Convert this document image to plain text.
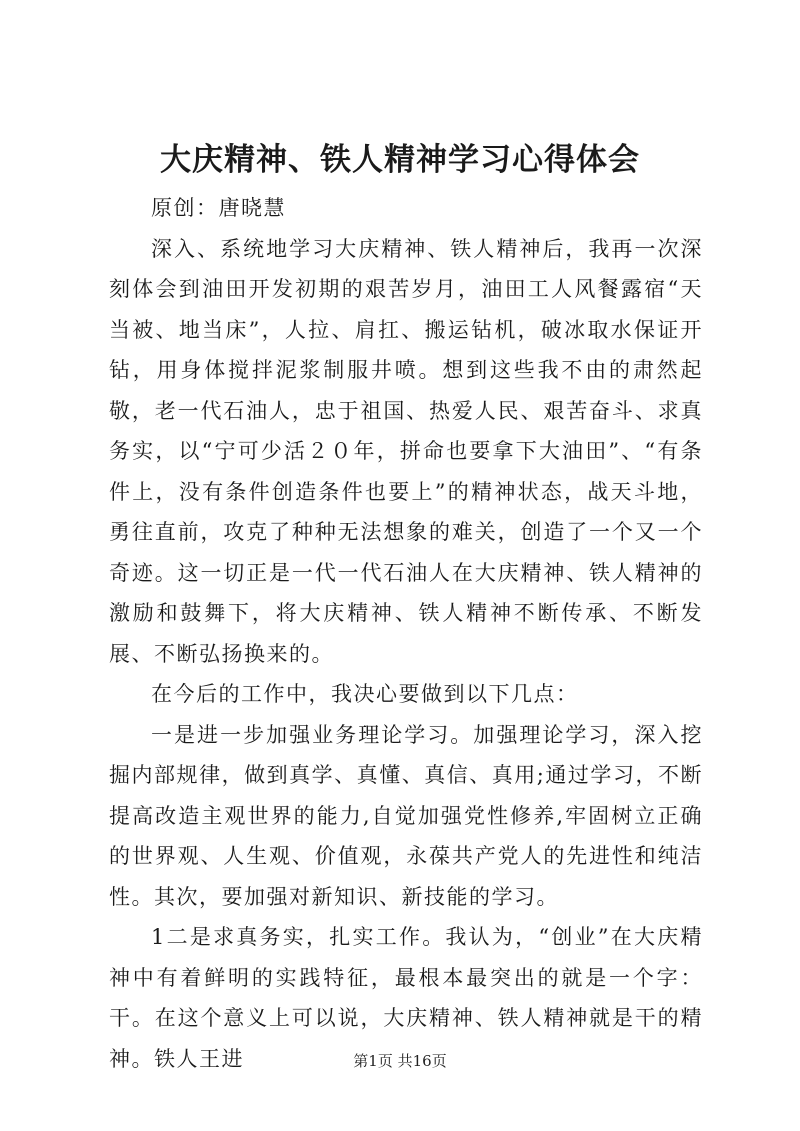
大庆精神、铁人精神学习心得体会

原创：唐晓慧

深入、系统地学习大庆精神、铁人精神后，我再一次深刻体会到油田开发初期的艰苦岁月，油田工人风餐露宿“天当被、地当床”，人拉、肩扛、搬运钻机，破冰取水保证开钻，用身体搅拌泥浆制服井喷。想到这些我不由的肃然起敬，老一代石油人，忠于祖国、热爱人民、艰苦奋斗、求真务实，以“宁可少活２０年，拼命也要拿下大油田”、“有条件上，没有条件创造条件也要上”的精神状态，战天斗地，勇往直前，攻克了种种无法想象的难关，创造了一个又一个奇迹。这一切正是一代一代石油人在大庆精神、铁人精神的激励和鼓舞下，将大庆精神、铁人精神不断传承、不断发展、不断弘扬换来的。

在今后的工作中，我决心要做到以下几点：

一是进一步加强业务理论学习。加强理论学习，深入挖掘内部规律，做到真学、真懂、真信、真用;通过学习，不断提高改造主观世界的能力,自觉加强党性修养,牢固树立正确的世界观、人生观、价值观，永葆共产党人的先进性和纯洁性。其次，要加强对新知识、新技能的学习。

1二是求真务实，扎实工作。我认为，“创业”在大庆精神中有着鲜明的实践特征，最根本最突出的就是一个字：干。在这个意义上可以说，大庆精神、铁人精神就是干的精神。铁人王进	第1页 共16页
